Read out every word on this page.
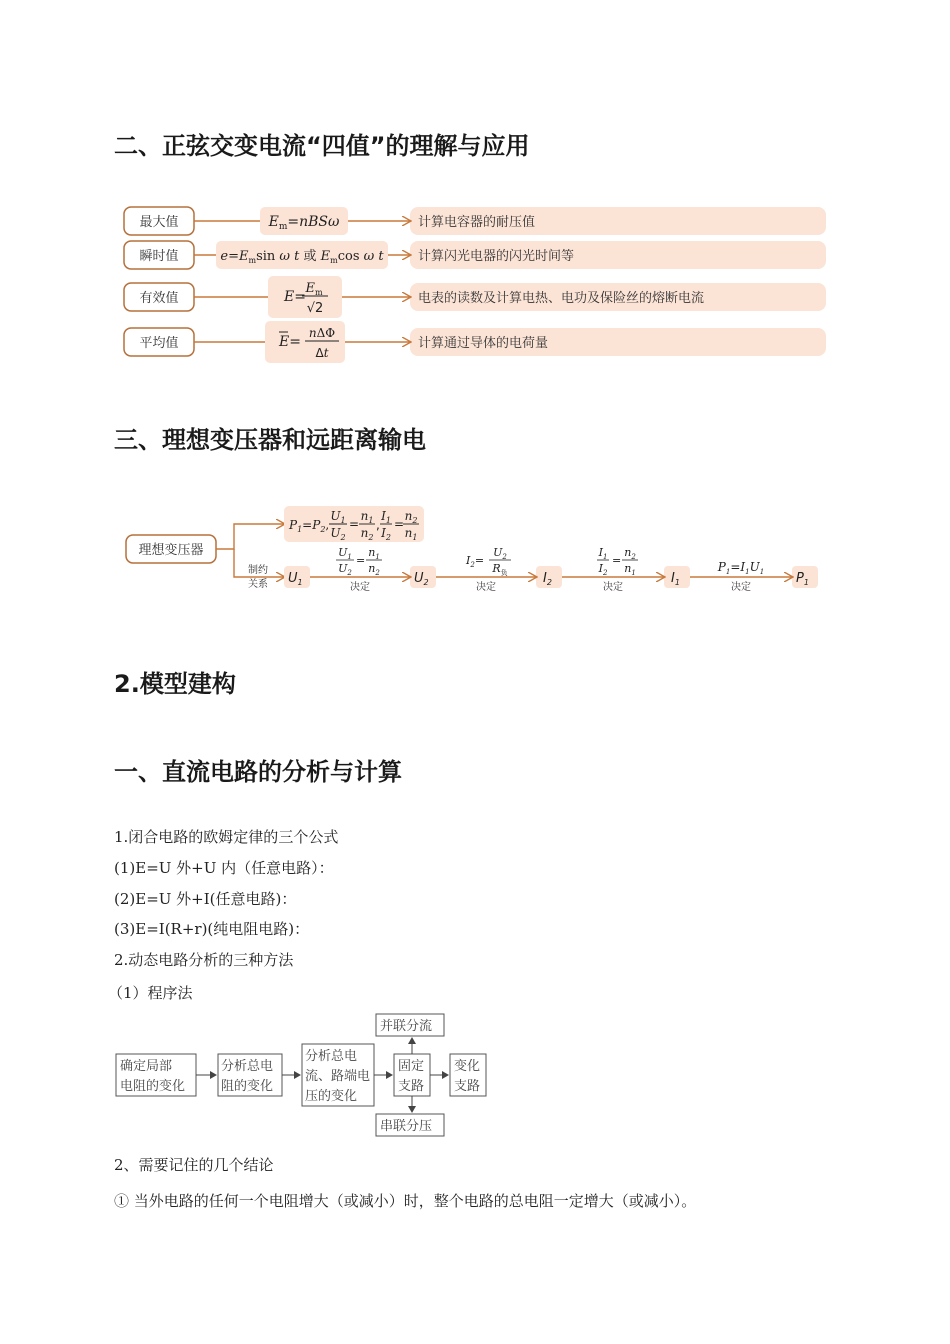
二、正弦交变电流“四值”的理解与应用
最大值
瞬时值
有效值
平均值
$E_m=nBS\omega$
$e=E_m\sin$ ω t 或 $E_m\cos$ ω t
E=
$E_m$
√2
E=
nΔΦ
Δt
计算电容器的耐压值
计算闪光电器的闪光时间等
电表的读数及计算电热、电功及保险丝的熔断电流
计算通过导体的电荷量
三、理想变压器和远距离输电
理想变压器
制约
关系
$P_1=P_2$,
$U_1$
$U_2$
=
$n_1$
$n_2$
,
$I_1$
$I_2$
=
$n_2$
$n_1$
$U_1$	$U_2$	$I_2$	$I_1$	$P_1$
$U_1$
$U_2$
=
$n_1$
$n_2$
$I_2=$
$U_2$
$R_负$
$I_1$
$I_2$
=
$n_2$
$n_1$	$P_1=I_1U_1$
决定	决定	决定	决定
2.模型建构
一、直流电路的分析与计算

1.闭合电路的欧姆定律的三个公式

(1)E=U 外+U 内（任意电路）：

(2)E=U 外+I(任意电路)：

(3)E=I(R+r)(纯电阻电路)：

2.动态电路分析的三种方法

（1）程序法

确定局部
电阻的变化
分析总电
阻的变化
分析总电
流、路端电
压的变化
固定
支路
变化
支路
并联分流
串联分压

2、需要记住的几个结论

① 当外电路的任何一个电阻增大（或减小）时，整个电路的总电阻一定增大（或减小）。
